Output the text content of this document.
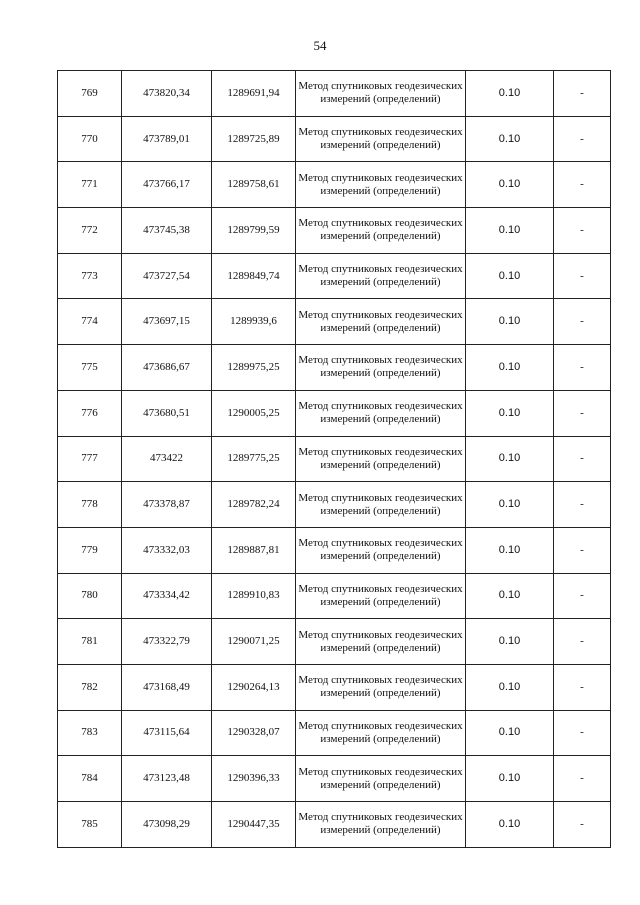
54
769	473820,34	1289691,94	Метод спутниковых геодезических измерений (определений)	0.10	-
770	473789,01	1289725,89	Метод спутниковых геодезических измерений (определений)	0.10	-
771	473766,17	1289758,61	Метод спутниковых геодезических измерений (определений)	0.10	-
772	473745,38	1289799,59	Метод спутниковых геодезических измерений (определений)	0.10	-
773	473727,54	1289849,74	Метод спутниковых геодезических измерений (определений)	0.10	-
774	473697,15	1289939,6	Метод спутниковых геодезических измерений (определений)	0.10	-
775	473686,67	1289975,25	Метод спутниковых геодезических измерений (определений)	0.10	-
776	473680,51	1290005,25	Метод спутниковых геодезических измерений (определений)	0.10	-
777	473422	1289775,25	Метод спутниковых геодезических измерений (определений)	0.10	-
778	473378,87	1289782,24	Метод спутниковых геодезических измерений (определений)	0.10	-
779	473332,03	1289887,81	Метод спутниковых геодезических измерений (определений)	0.10	-
780	473334,42	1289910,83	Метод спутниковых геодезических измерений (определений)	0.10	-
781	473322,79	1290071,25	Метод спутниковых геодезических измерений (определений)	0.10	-
782	473168,49	1290264,13	Метод спутниковых геодезических измерений (определений)	0.10	-
783	473115,64	1290328,07	Метод спутниковых геодезических измерений (определений)	0.10	-
784	473123,48	1290396,33	Метод спутниковых геодезических измерений (определений)	0.10	-
785	473098,29	1290447,35	Метод спутниковых геодезических измерений (определений)	0.10	-
